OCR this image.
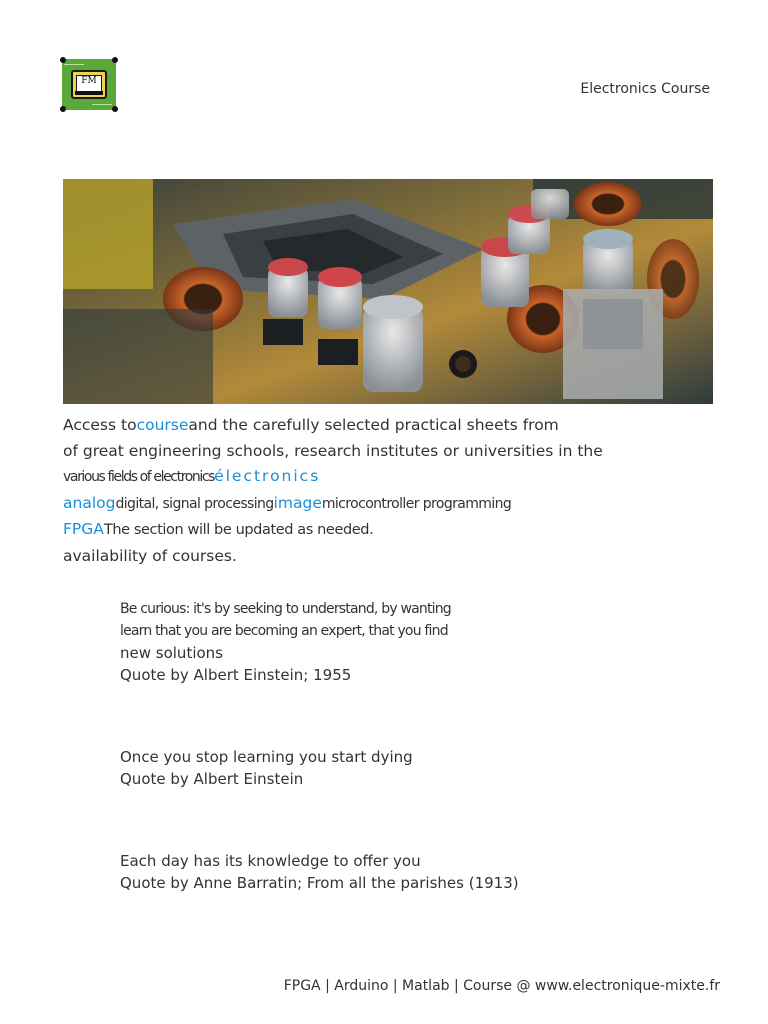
FM	Electronics Course
Access tocourseand the carefully selected practical sheets from
of great engineering schools, research institutes or universities in the
various fields of electronicsélectronics
analogdigital, signal processingimagemicrocontroller programming
FPGAThe section will be updated as needed.
availability of courses.
Be curious: it's by seeking to understand, by wanting
learn that you are becoming an expert, that you find
new solutions
Quote by Albert Einstein; 1955
Once you stop learning you start dying
Quote by Albert Einstein
Each day has its knowledge to offer you
Quote by Anne Barratin; From all the parishes (1913)
FPGA | Arduino | Matlab | Course @ www.electronique-mixte.fr
